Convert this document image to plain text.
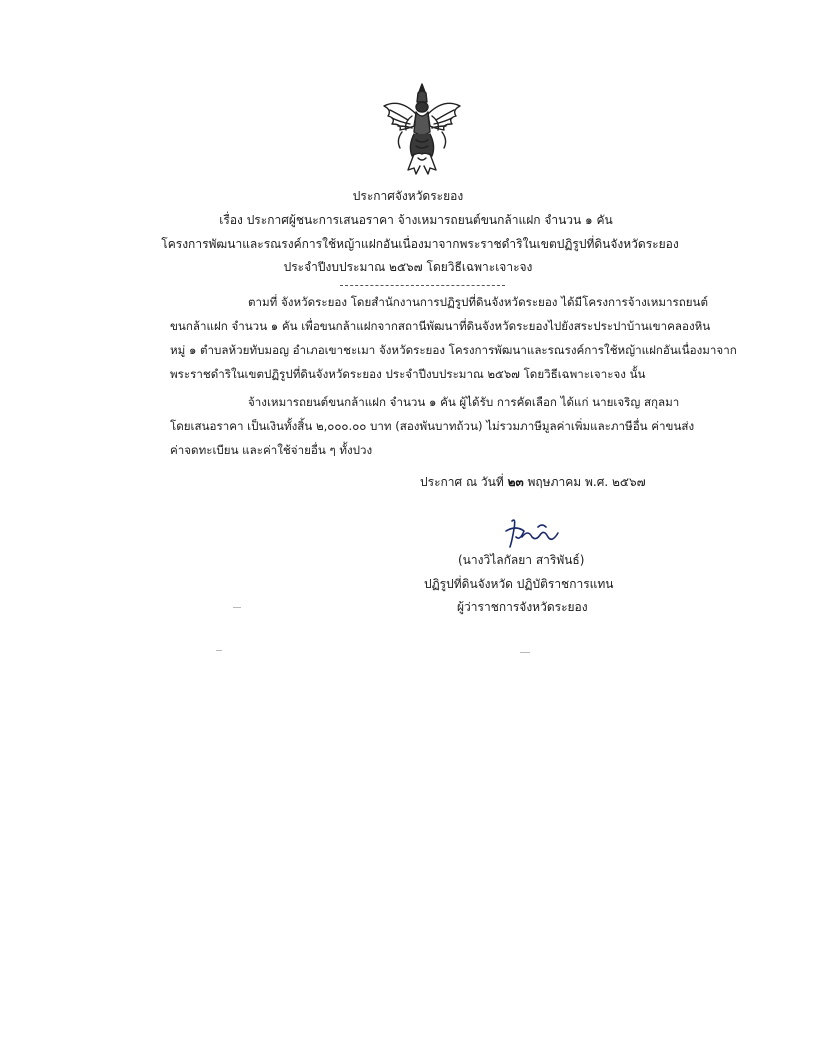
ประกาศจังหวัดระยอง
เรื่อง ประกาศผู้ชนะการเสนอราคา จ้างเหมารถยนต์ขนกล้าแฝก จำนวน ๑ คัน
โครงการพัฒนาและรณรงค์การใช้หญ้าแฝกอันเนื่องมาจากพระราชดำริในเขตปฏิรูปที่ดินจังหวัดระยอง
ประจำปีงบประมาณ ๒๕๖๗ โดยวิธีเฉพาะเจาะจง
ตามที่ จังหวัดระยอง โดยสำนักงานการปฏิรูปที่ดินจังหวัดระยอง ได้มีโครงการจ้างเหมารถยนต์
ขนกล้าแฝก จำนวน ๑ คัน เพื่อขนกล้าแฝกจากสถานีพัฒนาที่ดินจังหวัดระยองไปยังสระประปาบ้านเขาคลองหิน
หมู่ ๑ ตำบลห้วยทับมอญ อำเภอเขาชะเมา จังหวัดระยอง โครงการพัฒนาและรณรงค์การใช้หญ้าแฝกอันเนื่องมาจาก
พระราชดำริในเขตปฏิรูปที่ดินจังหวัดระยอง ประจำปีงบประมาณ ๒๕๖๗ โดยวิธีเฉพาะเจาะจง นั้น
จ้างเหมารถยนต์ขนกล้าแฝก จำนวน ๑ คัน ผู้ได้รับ การคัดเลือก ได้แก่ นายเจริญ สกุลมา
โดยเสนอราคา เป็นเงินทั้งสิ้น ๒,๐๐๐.๐๐ บาท (สองพันบาทถ้วน) ไม่รวมภาษีมูลค่าเพิ่มและภาษีอื่น ค่าขนส่ง
ค่าจดทะเบียน และค่าใช้จ่ายอื่น ๆ ทั้งปวง
ประกาศ ณ วันที่ ๒๓ พฤษภาคม พ.ศ. ๒๕๖๗
(นางวิไลกัลยา สาริพันธ์)
ปฏิรูปที่ดินจังหวัด ปฏิบัติราชการแทน
ผู้ว่าราชการจังหวัดระยอง
